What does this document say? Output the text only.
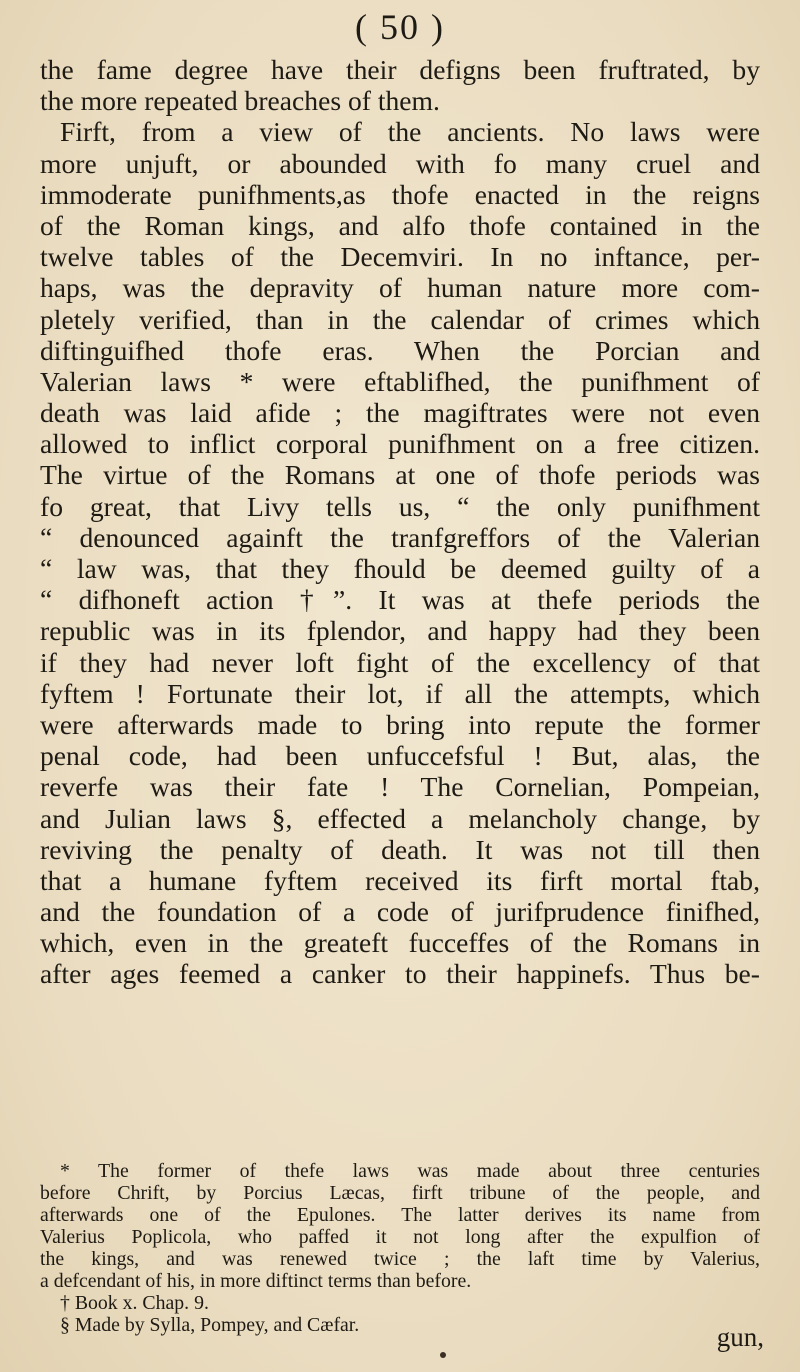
( 50 )
the fame degree have their defigns been fruftrated, by
the more repeated breaches of them.
Firft, from a view of the ancients. No laws were
more unjuft, or abounded with fo many cruel and
immoderate punifhments,as thofe enacted in the reigns
of the Roman kings, and alfo thofe contained in the
twelve tables of the Decemviri. In no inftance, per-
haps, was the depravity of human nature more com-
pletely verified, than in the calendar of crimes which
diftinguifhed thofe eras. When the Porcian and
Valerian laws * were eftablifhed, the punifhment of
death was laid afide ; the magiftrates were not even
allowed to inflict corporal punifhment on a free citizen.
The virtue of the Romans at one of thofe periods was
fo great, that Livy tells us, “ the only punifhment
“ denounced againft the tranfgreffors of the Valerian
“ law was, that they fhould be deemed guilty of a
“ difhoneft action †”. It was at thefe periods the
republic was in its fplendor, and happy had they been
if they had never loft fight of the excellency of that
fyftem ! Fortunate their lot, if all the attempts, which
were afterwards made to bring into repute the former
penal code, had been unfuccefsful ! But, alas, the
reverfe was their fate ! The Cornelian, Pompeian,
and Julian laws §, effected a melancholy change, by
reviving the penalty of death. It was not till then
that a humane fyftem received its firft mortal ftab,
and the foundation of a code of jurifprudence finifhed,
which, even in the greateft fucceffes of the Romans in
after ages feemed a canker to their happinefs. Thus be-
* The former of thefe laws was made about three centuries
before Chrift, by Porcius Læcas, firft tribune of the people, and
afterwards one of the Epulones. The latter derives its name from
Valerius Poplicola, who paffed it not long after the expulfion of
the kings, and was renewed twice ; the laft time by Valerius,
a defcendant of his, in more diftinct terms than before.
† Book x. Chap. 9.
§ Made by Sylla, Pompey, and Cæfar.	gun,
